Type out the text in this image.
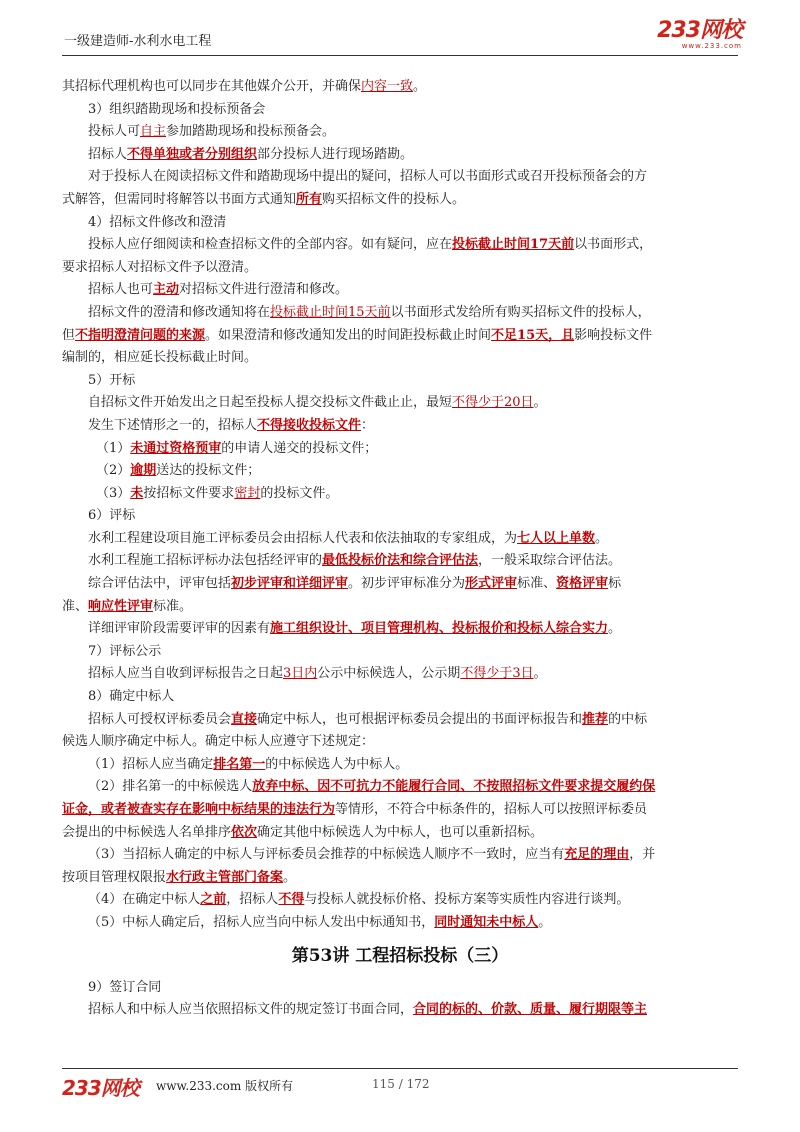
一级建造师-水利水电工程	233网校
www.233.com

其招标代理机构也可以同步在其他媒介公开，并确保内容一致。

3）组织踏勘现场和投标预备会

投标人可自主参加踏勘现场和投标预备会。

招标人不得单独或者分别组织部分投标人进行现场踏勘。

对于投标人在阅读招标文件和踏勘现场中提出的疑问，招标人可以书面形式或召开投标预备会的方

式解答，但需同时将解答以书面方式通知所有购买招标文件的投标人。

4）招标文件修改和澄清

投标人应仔细阅读和检查招标文件的全部内容。如有疑问，应在投标截止时间17天前以书面形式，

要求招标人对招标文件予以澄清。

招标人也可主动对招标文件进行澄清和修改。

招标文件的澄清和修改通知将在投标截止时间15天前以书面形式发给所有购买招标文件的投标人，

但不指明澄清问题的来源。如果澄清和修改通知发出的时间距投标截止时间不足15天，且影响投标文件

编制的，相应延长投标截止时间。

5）开标

自招标文件开始发出之日起至投标人提交投标文件截止止，最短不得少于20日。

发生下述情形之一的，招标人不得接收投标文件：

（1）未通过资格预审的申请人递交的投标文件；

（2）逾期送达的投标文件；

（3）未按招标文件要求密封的投标文件。

6）评标

水利工程建设项目施工评标委员会由招标人代表和依法抽取的专家组成，为七人以上单数。

水利工程施工招标评标办法包括经评审的最低投标价法和综合评估法，一般采取综合评估法。

综合评估法中，评审包括初步评审和详细评审。初步评审标准分为形式评审标准、资格评审标

准、响应性评审标准。

详细评审阶段需要评审的因素有施工组织设计、项目管理机构、投标报价和投标人综合实力。

7）评标公示

招标人应当自收到评标报告之日起3日内公示中标候选人，公示期不得少于3日。

8）确定中标人

招标人可授权评标委员会直接确定中标人，也可根据评标委员会提出的书面评标报告和推荐的中标

候选人顺序确定中标人。确定中标人应遵守下述规定：

（1）招标人应当确定排名第一的中标候选人为中标人。

（2）排名第一的中标候选人放弃中标、因不可抗力不能履行合同、不按照招标文件要求提交履约保

证金，或者被查实存在影响中标结果的违法行为等情形，不符合中标条件的，招标人可以按照评标委员

会提出的中标候选人名单排序依次确定其他中标候选人为中标人，也可以重新招标。

（3）当招标人确定的中标人与评标委员会推荐的中标候选人顺序不一致时，应当有充足的理由，并

按项目管理权限报水行政主管部门备案。

（4）在确定中标人之前，招标人不得与投标人就投标价格、投标方案等实质性内容进行谈判。

（5）中标人确定后，招标人应当向中标人发出中标通知书，同时通知未中标人。

第53讲 工程招标投标（三）

9）签订合同

招标人和中标人应当依照招标文件的规定签订书面合同，合同的标的、价款、质量、履行期限等主

233网校 www.233.com 版权所有	115 / 172
